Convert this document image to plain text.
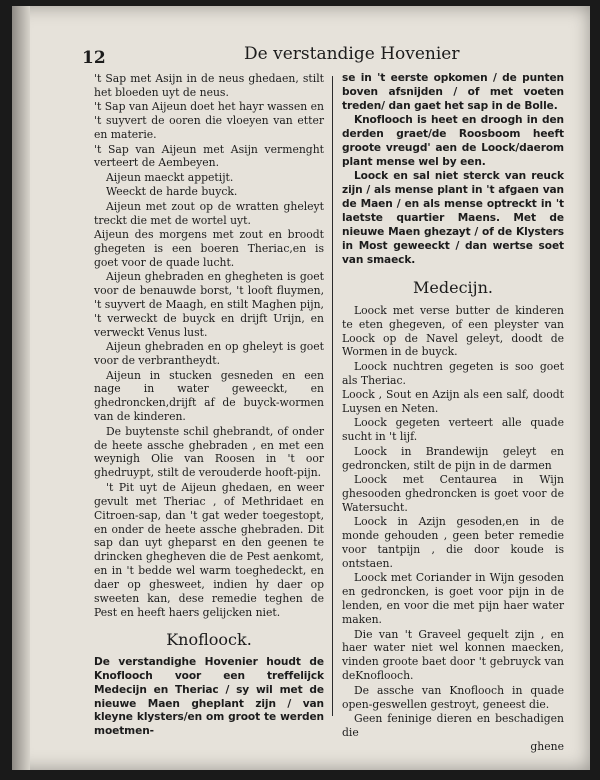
12	De verstandige Hovenier

't Sap met Asijn in de neus ghedaen, stilt het bloeden uyt de neus.

't Sap van Aijeun doet het hayr wassen en 't suyvert de ooren die vloeyen van etter en materie.

't Sap van Aijeun met Asijn vermenght verteert de Aembeyen.

Aijeun maeckt appetijt.

Weeckt de harde buyck.

Aijeun met zout op de wratten gheleyt treckt die met de wortel uyt.

Aijeun des morgens met zout en broodt ghegeten is een boeren Theriac,en is goet voor de quade lucht.

Aijeun ghebraden en ghegheten is goet voor de benauwde borst, 't looft fluymen, 't suyvert de Maagh, en stilt Maghen pijn, 't verweckt de buyck en drijft Urijn, en verweckt Venus lust.

Aijeun ghebraden en op gheleyt is goet voor de verbrantheydt.

Aijeun in stucken gesneden en een nage in water geweeckt, en ghedroncken,drijft af de buyck-wormen van de kinderen.

De buytenste schil ghebrandt, of onder de heete assche ghebraden , en met een weynigh Olie van Roosen in 't oor ghedruypt, stilt de verouderde hooft-pijn.

't Pit uyt de Aijeun ghedaen, en weer gevult met Theriac , of Methridaet en Citroen-sap, dan 't gat weder toegestopt, en onder de heete assche ghebraden. Dit sap dan uyt gheparst en den geenen te drincken ghegheven die de Pest aenkomt, en in 't bedde wel warm toeghedeckt, en daer op ghesweet, indien hy daer op sweeten kan, dese remedie teghen de Pest en heeft haers gelijcken niet.

Knofloock.

De verstandighe Hovenier houdt de Knoflooch voor een treffelijck Medecijn en Theriac / sy wil met de nieuwe Maen gheplant zijn / van kleyne klysters/en om groot te werden moetmen-

se in 't eerste opkomen / de punten boven afsnijden / of met voeten treden/ dan gaet het sap in de Bolle.

Knoflooch is heet en droogh in den derden graet/de Roosboom heeft groote vreugd' aen de Loock/daerom plant mense wel by een.

Loock en sal niet sterck van reuck zijn / als mense plant in 't afgaen van de Maen / en als mense optreckt in 't laetste quartier Maens. Met de nieuwe Maen ghezayt / of de Klysters in Most geweeckt / dan wertse soet van smaeck.

Medecijn.

Loock met verse butter de kinderen te eten ghegeven, of een pleyster van Loock op de Navel geleyt, doodt de Wormen in de buyck.

Loock nuchtren gegeten is soo goet als Theriac.

Loock , Sout en Azijn als een salf, doodt Luysen en Neten.

Loock gegeten verteert alle quade sucht in 't lijf.

Loock in Brandewijn geleyt en gedroncken, stilt de pijn in de darmen

Loock met Centaurea in Wijn ghesooden ghedroncken is goet voor de Watersucht.

Loock in Azijn gesoden,en in de monde gehouden , geen beter remedie voor tantpijn , die door koude is ontstaen.

Loock met Coriander in Wijn gesoden en gedroncken, is goet voor pijn in de lenden, en voor die met pijn haer water maken.

Die van 't Graveel gequelt zijn , en haer water niet wel konnen maecken, vinden groote baet door 't gebruyck van deKnoflooch.

De assche van Knoflooch in quade open-geswellen gestroyt, geneest die.

Geen feninige dieren en beschadigen die

ghene
